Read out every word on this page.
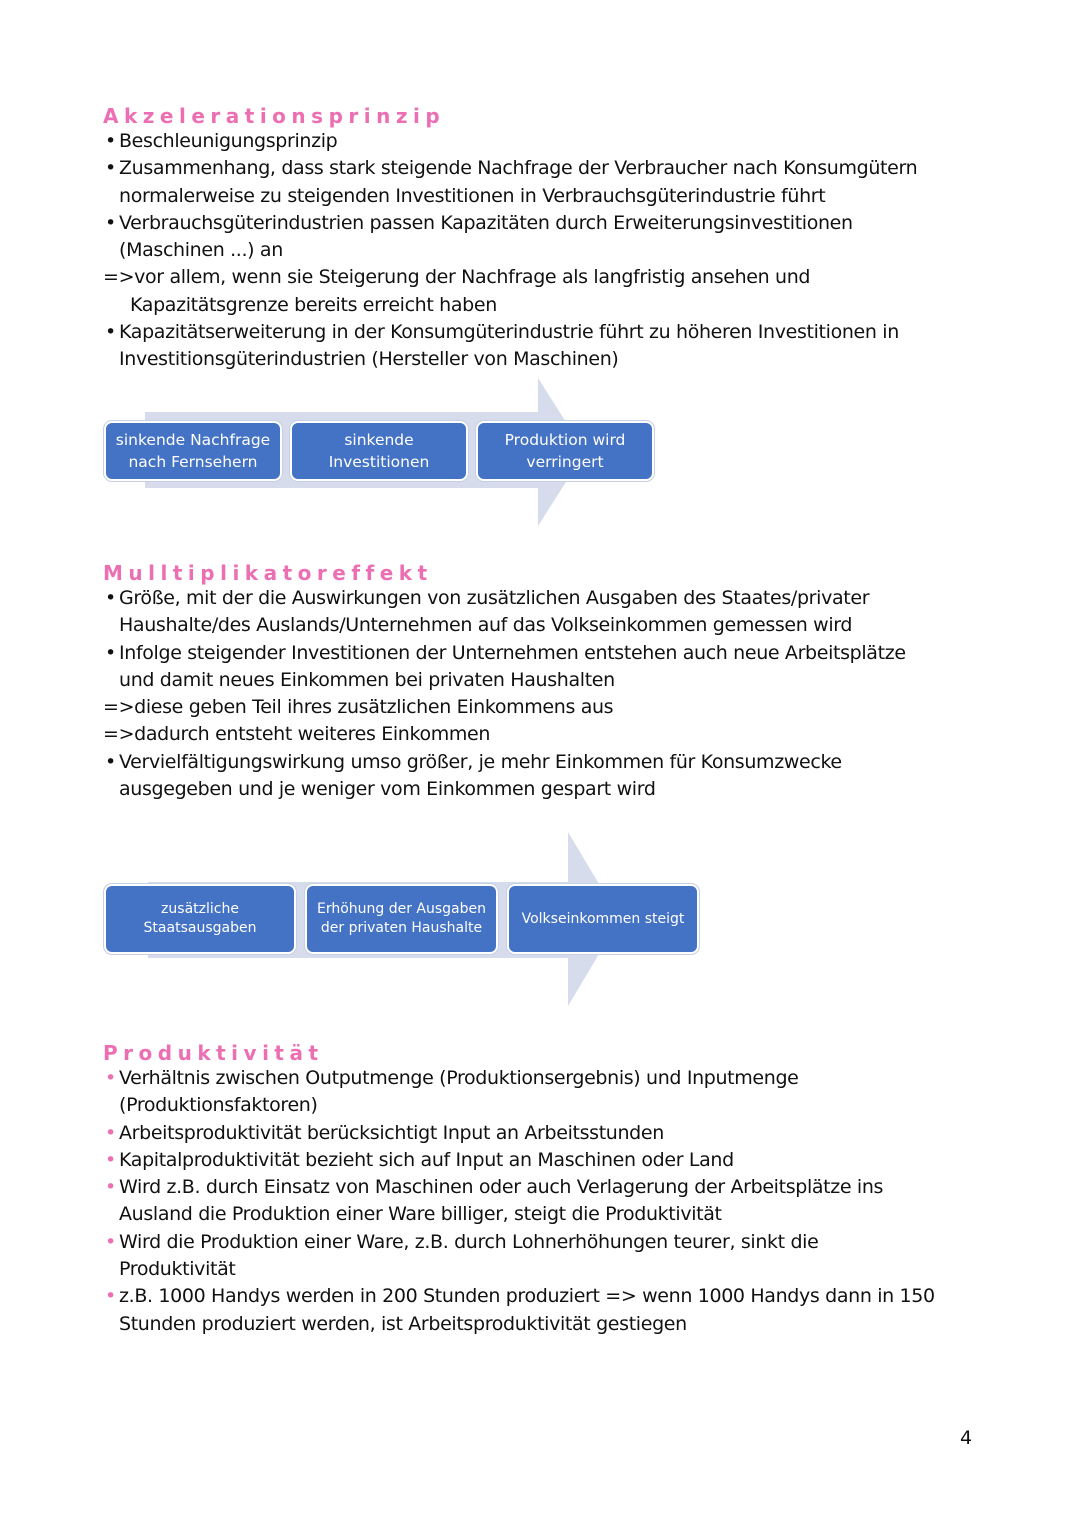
Akzelerationsprinzip
• Beschleunigungsprinzip
• Zusammenhang, dass stark steigende Nachfrage der Verbraucher nach Konsumgütern
normalerweise zu steigenden Investitionen in Verbrauchsgüterindustrie führt
• Verbrauchsgüterindustrien passen Kapazitäten durch Erweiterungsinvestitionen
(Maschinen ...) an
=>vor allem, wenn sie Steigerung der Nachfrage als langfristig ansehen und
Kapazitätsgrenze bereits erreicht haben
• Kapazitätserweiterung in der Konsumgüterindustrie führt zu höheren Investitionen in
Investitionsgüterindustrien (Hersteller von Maschinen)
sinkende Nachfrage
nach Fernsehern
sinkende
Investitionen
Produktion wird
verringert
Mulltiplikatoreffekt
• Größe, mit der die Auswirkungen von zusätzlichen Ausgaben des Staates/privater
Haushalte/des Auslands/Unternehmen auf das Volkseinkommen gemessen wird
• Infolge steigender Investitionen der Unternehmen entstehen auch neue Arbeitsplätze
und damit neues Einkommen bei privaten Haushalten
=>diese geben Teil ihres zusätzlichen Einkommens aus
=>dadurch entsteht weiteres Einkommen
• Vervielfältigungswirkung umso größer, je mehr Einkommen für Konsumzwecke
ausgegeben und je weniger vom Einkommen gespart wird
zusätzliche
Staatsausgaben
Erhöhung der Ausgaben
der privaten Haushalte
Volkseinkommen steigt
Produktivität
• Verhältnis zwischen Outputmenge (Produktionsergebnis) und Inputmenge
(Produktionsfaktoren)
• Arbeitsproduktivität berücksichtigt Input an Arbeitsstunden
• Kapitalproduktivität bezieht sich auf Input an Maschinen oder Land
• Wird z.B. durch Einsatz von Maschinen oder auch Verlagerung der Arbeitsplätze ins
Ausland die Produktion einer Ware billiger, steigt die Produktivität
• Wird die Produktion einer Ware, z.B. durch Lohnerhöhungen teurer, sinkt die
Produktivität
• z.B. 1000 Handys werden in 200 Stunden produziert => wenn 1000 Handys dann in 150
Stunden produziert werden, ist Arbeitsproduktivität gestiegen
4
